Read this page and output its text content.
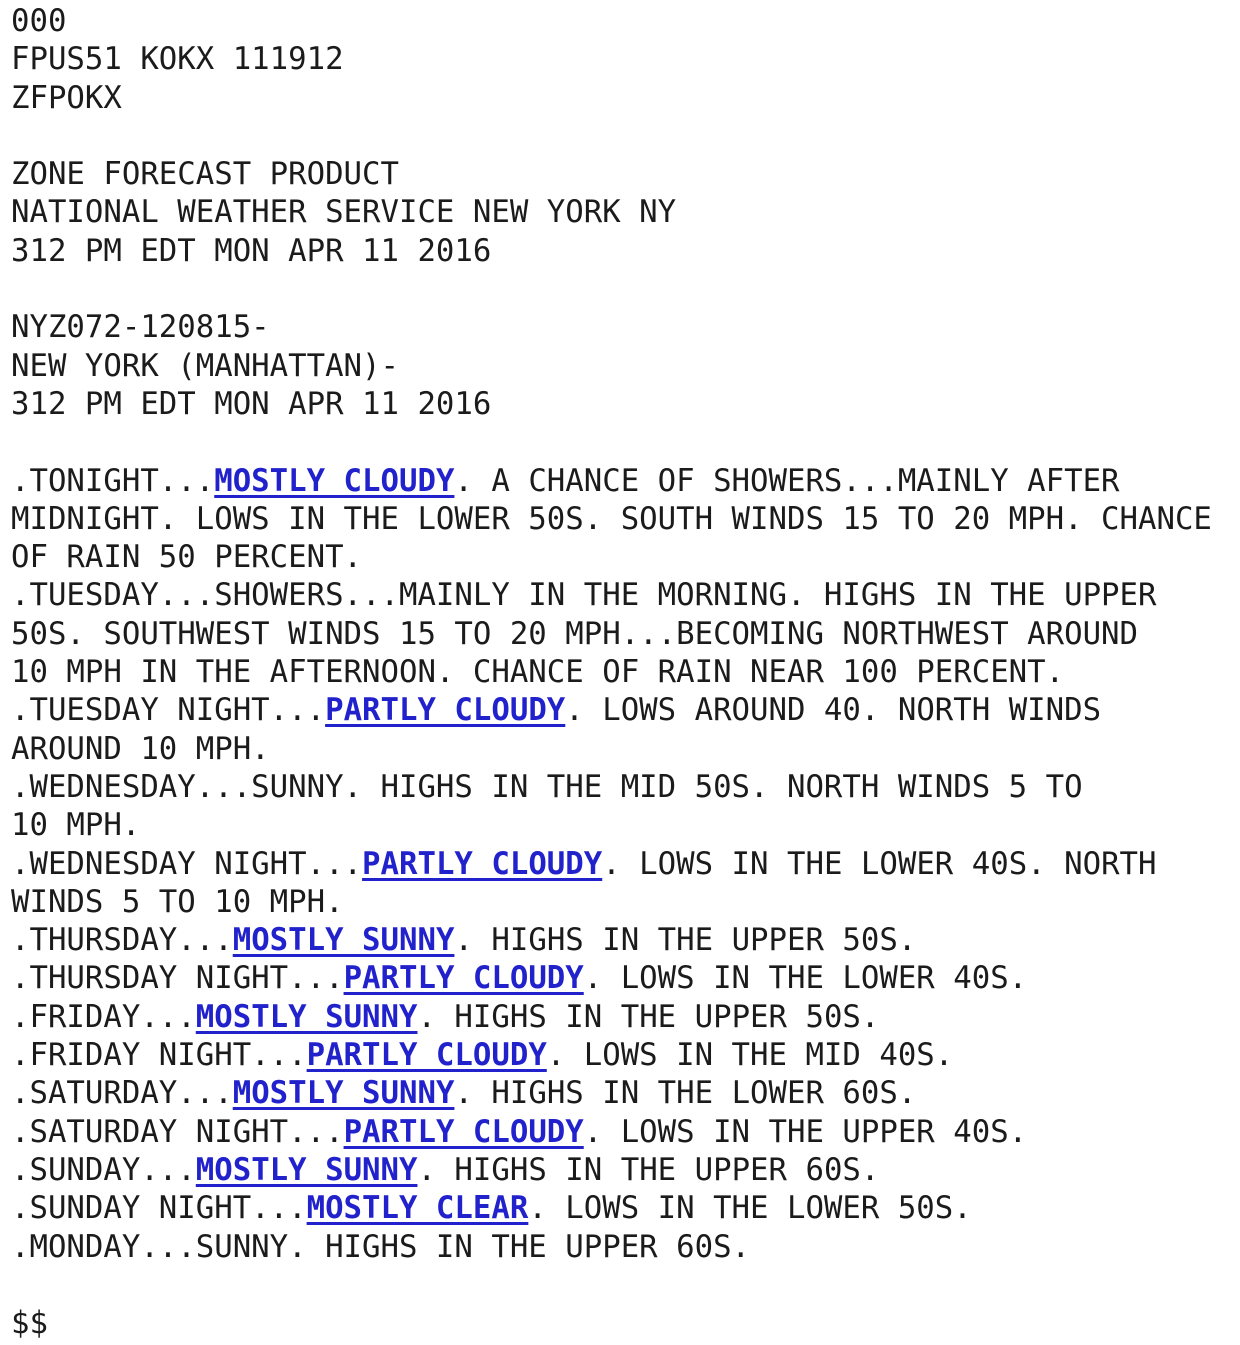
000
FPUS51 KOKX 111912
ZFPOKX

ZONE FORECAST PRODUCT
NATIONAL WEATHER SERVICE NEW YORK NY
312 PM EDT MON APR 11 2016

NYZ072-120815-
NEW YORK (MANHATTAN)-
312 PM EDT MON APR 11 2016

.TONIGHT...MOSTLY CLOUDY. A CHANCE OF SHOWERS...MAINLY AFTER
MIDNIGHT. LOWS IN THE LOWER 50S. SOUTH WINDS 15 TO 20 MPH. CHANCE
OF RAIN 50 PERCENT.
.TUESDAY...SHOWERS...MAINLY IN THE MORNING. HIGHS IN THE UPPER
50S. SOUTHWEST WINDS 15 TO 20 MPH...BECOMING NORTHWEST AROUND
10 MPH IN THE AFTERNOON. CHANCE OF RAIN NEAR 100 PERCENT.
.TUESDAY NIGHT...PARTLY CLOUDY. LOWS AROUND 40. NORTH WINDS
AROUND 10 MPH.
.WEDNESDAY...SUNNY. HIGHS IN THE MID 50S. NORTH WINDS 5 TO
10 MPH.
.WEDNESDAY NIGHT...PARTLY CLOUDY. LOWS IN THE LOWER 40S. NORTH
WINDS 5 TO 10 MPH.
.THURSDAY...MOSTLY SUNNY. HIGHS IN THE UPPER 50S.
.THURSDAY NIGHT...PARTLY CLOUDY. LOWS IN THE LOWER 40S.
.FRIDAY...MOSTLY SUNNY. HIGHS IN THE UPPER 50S.
.FRIDAY NIGHT...PARTLY CLOUDY. LOWS IN THE MID 40S.
.SATURDAY...MOSTLY SUNNY. HIGHS IN THE LOWER 60S.
.SATURDAY NIGHT...PARTLY CLOUDY. LOWS IN THE UPPER 40S.
.SUNDAY...MOSTLY SUNNY. HIGHS IN THE UPPER 60S.
.SUNDAY NIGHT...MOSTLY CLEAR. LOWS IN THE LOWER 50S.
.MONDAY...SUNNY. HIGHS IN THE UPPER 60S.

$$
